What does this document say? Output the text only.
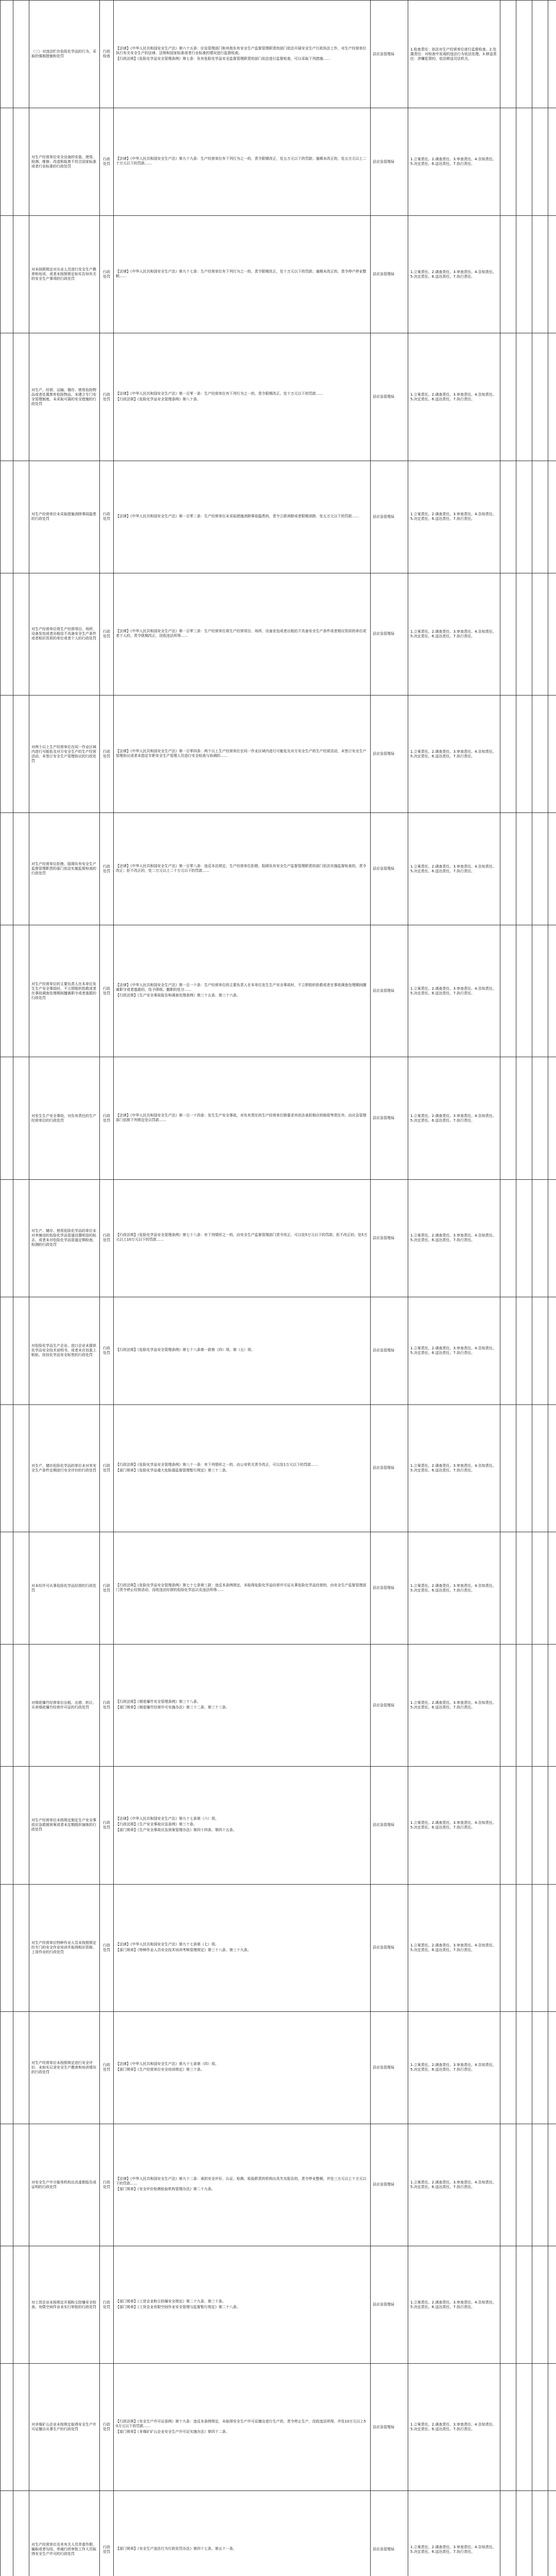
		（三）对违法贮存危险化学品的行为，采取的强制措施和处罚	行政检查	【法律】《中华人民共和国安全生产法》第六十五条：应急管理部门和其他负有安全生产监督管理职责的部门依法开展安全生产行政执法工作，对生产经营单位执行有关安全生产的法律、法规和国家标准或者行业标准的情况进行监督检查。
【行政法规】《危险化学品安全管理条例》第七条：负有危险化学品安全监督管理职责的部门依法进行监督检查，可以采取下列措施……	县应急管理局	1.检查责任：依法对生产经营单位进行监督检查。2.处置责任：对检查中发现的违法行为依法处理。3.移送责任：涉嫌犯罪的，依法移送司法机关。				
		对生产经营单位安全设备的安装、使用、检测、维修、改造和报废不符合国家标准或者行业标准的行政处罚	行政处罚	【法律】《中华人民共和国安全生产法》第九十九条：生产经营单位有下列行为之一的，责令限期改正，处五万元以下的罚款；逾期未改正的，处五万元以上二十万元以下的罚款……	县应急管理局	1.立案责任。2.调查责任。3.审查责任。4.告知责任。5.决定责任。6.送达责任。7.执行责任。				
		对未按照规定对从业人员进行安全生产教育和培训，或者未按照规定如实告知有关的安全生产事项的行政处罚	行政处罚	【法律】《中华人民共和国安全生产法》第九十七条：生产经营单位有下列行为之一的，责令限期改正，处十万元以下的罚款；逾期未改正的，责令停产停业整顿……	县应急管理局	1.立案责任。2.调查责任。3.审查责任。4.告知责任。5.决定责任。6.送达责任。7.执行责任。				
		对生产、经营、运输、储存、使用危险物品或者处置废弃危险物品，未建立专门安全管理制度、未采取可靠的安全措施的行政处罚	行政处罚	【法律】《中华人民共和国安全生产法》第一百零一条：生产经营单位有下列行为之一的，责令限期改正，处十万元以下的罚款……
【行政法规】《危险化学品安全管理条例》第八十条。	县应急管理局	1.立案责任。2.调查责任。3.审查责任。4.告知责任。5.决定责任。6.送达责任。7.执行责任。				
		对生产经营单位未采取措施消除事故隐患的行政处罚	行政处罚	【法律】《中华人民共和国安全生产法》第一百零二条：生产经营单位未采取措施消除事故隐患的，责令立即消除或者限期消除，处五万元以下的罚款……	县应急管理局	1.立案责任。2.调查责任。3.审查责任。4.告知责任。5.决定责任。6.送达责任。7.执行责任。				
		对生产经营单位将生产经营项目、场所、设备发包或者出租给不具备安全生产条件或者相应资质的单位或者个人的行政处罚	行政处罚	【法律】《中华人民共和国安全生产法》第一百零三条：生产经营单位将生产经营项目、场所、设备发包或者出租给不具备安全生产条件或者相应资质的单位或者个人的，责令限期改正，没收违法所得……	县应急管理局	1.立案责任。2.调查责任。3.审查责任。4.告知责任。5.决定责任。6.送达责任。7.执行责任。				
		对两个以上生产经营单位在同一作业区域内进行可能危及对方安全生产的生产经营活动，未签订安全生产管理协议的行政处罚	行政处罚	【法律】《中华人民共和国安全生产法》第一百零四条：两个以上生产经营单位在同一作业区域内进行可能危及对方安全生产的生产经营活动，未签订安全生产管理协议或者未指定专职安全生产管理人员进行安全检查与协调的……	县应急管理局	1.立案责任。2.调查责任。3.审查责任。4.告知责任。5.决定责任。6.送达责任。7.执行责任。				
		对生产经营单位拒绝、阻碍负有安全生产监督管理职责的部门依法实施监督检查的行政处罚	行政处罚	【法律】《中华人民共和国安全生产法》第一百零八条：违反本法规定，生产经营单位拒绝、阻碍负有安全生产监督管理职责的部门依法实施监督检查的，责令改正；拒不改正的，处二万元以上二十万元以下的罚款……	县应急管理局	1.立案责任。2.调查责任。3.审查责任。4.告知责任。5.决定责任。6.送达责任。7.执行责任。				
		对生产经营单位的主要负责人在本单位发生生产安全事故时，不立即组织抢救或者在事故调查处理期间擅离职守或者逃匿的行政处罚	行政处罚	【法律】《中华人民共和国安全生产法》第一百一十条：生产经营单位的主要负责人在本单位发生生产安全事故时，不立即组织抢救或者在事故调查处理期间擅离职守或者逃匿的，给予降级、撤职的处分……
【行政法规】《生产安全事故报告和调查处理条例》第三十五条、第三十六条。	县应急管理局	1.立案责任。2.调查责任。3.审查责任。4.告知责任。5.决定责任。6.送达责任。7.执行责任。				
		对发生生产安全事故，对负有责任的生产经营单位的行政处罚	行政处罚	【法律】《中华人民共和国安全生产法》第一百一十四条：发生生产安全事故，对负有责任的生产经营单位除要求其依法承担相应的赔偿等责任外，由应急管理部门依照下列规定处以罚款……	县应急管理局	1.立案责任。2.调查责任。3.审查责任。4.告知责任。5.决定责任。6.送达责任。7.执行责任。				
		对生产、储存、使用危险化学品的单位未对其铺设的危险化学品管道设置明显的标志，或者未对危险化学品管道定期检查、检测的行政处罚	行政处罚	【行政法规】《危险化学品安全管理条例》第七十八条：有下列情形之一的，由安全生产监督管理部门责令改正，可以处5万元以下的罚款；拒不改正的，处5万元以上10万元以下的罚款……	县应急管理局	1.立案责任。2.调查责任。3.审查责任。4.告知责任。5.决定责任。6.送达责任。7.执行责任。				
		对危险化学品生产企业、进口企业未提供化学品安全技术说明书，或者未在包装上粘贴、拴挂化学品安全标签的行政处罚	行政处罚	【行政法规】《危险化学品安全管理条例》第七十八条第一款第（四）项、第（五）项。	县应急管理局	1.立案责任。2.调查责任。3.审查责任。4.告知责任。5.决定责任。6.送达责任。7.执行责任。				
		对生产、储存危险化学品的单位未对其安全生产条件定期进行安全评价的行政处罚	行政处罚	【行政法规】《危险化学品安全管理条例》第八十一条：有下列情形之一的，由公安机关责令改正，可以处1万元以下的罚款……
【部门规章】《危险化学品重大危险源监督管理暂行规定》第三十二条。	县应急管理局	1.立案责任。2.调查责任。3.审查责任。4.告知责任。5.决定责任。6.送达责任。7.执行责任。				
		对未经许可从事危险化学品经营的行政处罚	行政处罚	【行政法规】《危险化学品安全管理条例》第七十七条第三款：违反本条例规定，未取得危险化学品经营许可证从事危险化学品经营的，由安全生产监督管理部门责令停止经营活动，没收违法经营的危险化学品以及违法所得……	县应急管理局	1.立案责任。2.调查责任。3.审查责任。4.告知责任。5.决定责任。6.送达责任。7.执行责任。				
		对烟花爆竹经营单位出租、出借、转让、买卖烟花爆竹经营许可证的行政处罚	行政处罚	【行政法规】《烟花爆竹安全管理条例》第三十八条。
【部门规章】《烟花爆竹经营许可实施办法》第三十二条、第三十三条。	县应急管理局	1.立案责任。2.调查责任。3.审查责任。4.告知责任。5.决定责任。6.送达责任。7.执行责任。				
		对生产经营单位未按规定制定生产安全事故应急救援预案或者未定期组织演练的行政处罚	行政处罚	【法律】《中华人民共和国安全生产法》第九十七条第（六）项。
【行政法规】《生产安全事故应急条例》第三十条。
【部门规章】《生产安全事故应急预案管理办法》第四十四条、第四十五条。	县应急管理局	1.立案责任。2.调查责任。3.审查责任。4.告知责任。5.决定责任。6.送达责任。7.执行责任。				
		对生产经营单位特种作业人员未按照规定经专门的安全作业培训并取得相应资格，上岗作业的行政处罚	行政处罚	【法律】《中华人民共和国安全生产法》第九十七条第（七）项。
【部门规章】《特种作业人员安全技术培训考核管理规定》第三十八条、第三十九条。	县应急管理局	1.立案责任。2.调查责任。3.审查责任。4.告知责任。5.决定责任。6.送达责任。7.执行责任。				
		对生产经营单位未按照规定进行安全评价、未如实记录安全生产教育和培训情况的行政处罚	行政处罚	【法律】《中华人民共和国安全生产法》第九十七条第（四）项。
【部门规章】《生产经营单位安全培训规定》第三十条。	县应急管理局	1.立案责任。2.调查责任。3.审查责任。4.告知责任。5.决定责任。6.送达责任。7.执行责任。				
		对安全生产中介服务机构出具虚假报告或证明的行政处罚	行政处罚	【法律】《中华人民共和国安全生产法》第九十二条：承担安全评价、认证、检测、检验职责的机构出具失实报告的，责令停业整顿，并处三万元以上十万元以下的罚款……
【部门规章】《安全评价检测检验机构管理办法》第二十九条。	县应急管理局	1.立案责任。2.调查责任。3.审查责任。4.告知责任。5.决定责任。6.送达责任。7.执行责任。				
		对工贸企业未按规定开展粉尘防爆安全检查、有限空间作业未实行审批的行政处罚	行政处罚	【部门规章】《工贸企业粉尘防爆安全规定》第二十九条、第三十条。
【部门规章】《工贸企业有限空间作业安全管理与监督暂行规定》第二十八条。	县应急管理局	1.立案责任。2.调查责任。3.审查责任。4.告知责任。5.决定责任。6.送达责任。7.执行责任。				
		对非煤矿山企业未按规定取得安全生产许可证擅自从事生产的行政处罚	行政处罚	【行政法规】《安全生产许可证条例》第十九条：违反本条例规定，未取得安全生产许可证擅自进行生产的，责令停止生产，没收违法所得，并处10万元以上50万元以下的罚款……
【部门规章】《非煤矿矿山企业安全生产许可证实施办法》第四十二条。	县应急管理局	1.立案责任。2.调查责任。3.审查责任。4.告知责任。5.决定责任。6.送达责任。7.执行责任。				
		对生产经营单位及其有关人员弄虚作假，骗取或者勾结、串通行政审批工作人员取得安全生产许可的行政处罚	行政处罚	【部门规章】《安全生产违法行为行政处罚办法》第四十七条、第五十一条。	县应急管理局	1.立案责任。2.调查责任。3.审查责任。4.告知责任。5.决定责任。6.送达责任。7.执行责任。				
